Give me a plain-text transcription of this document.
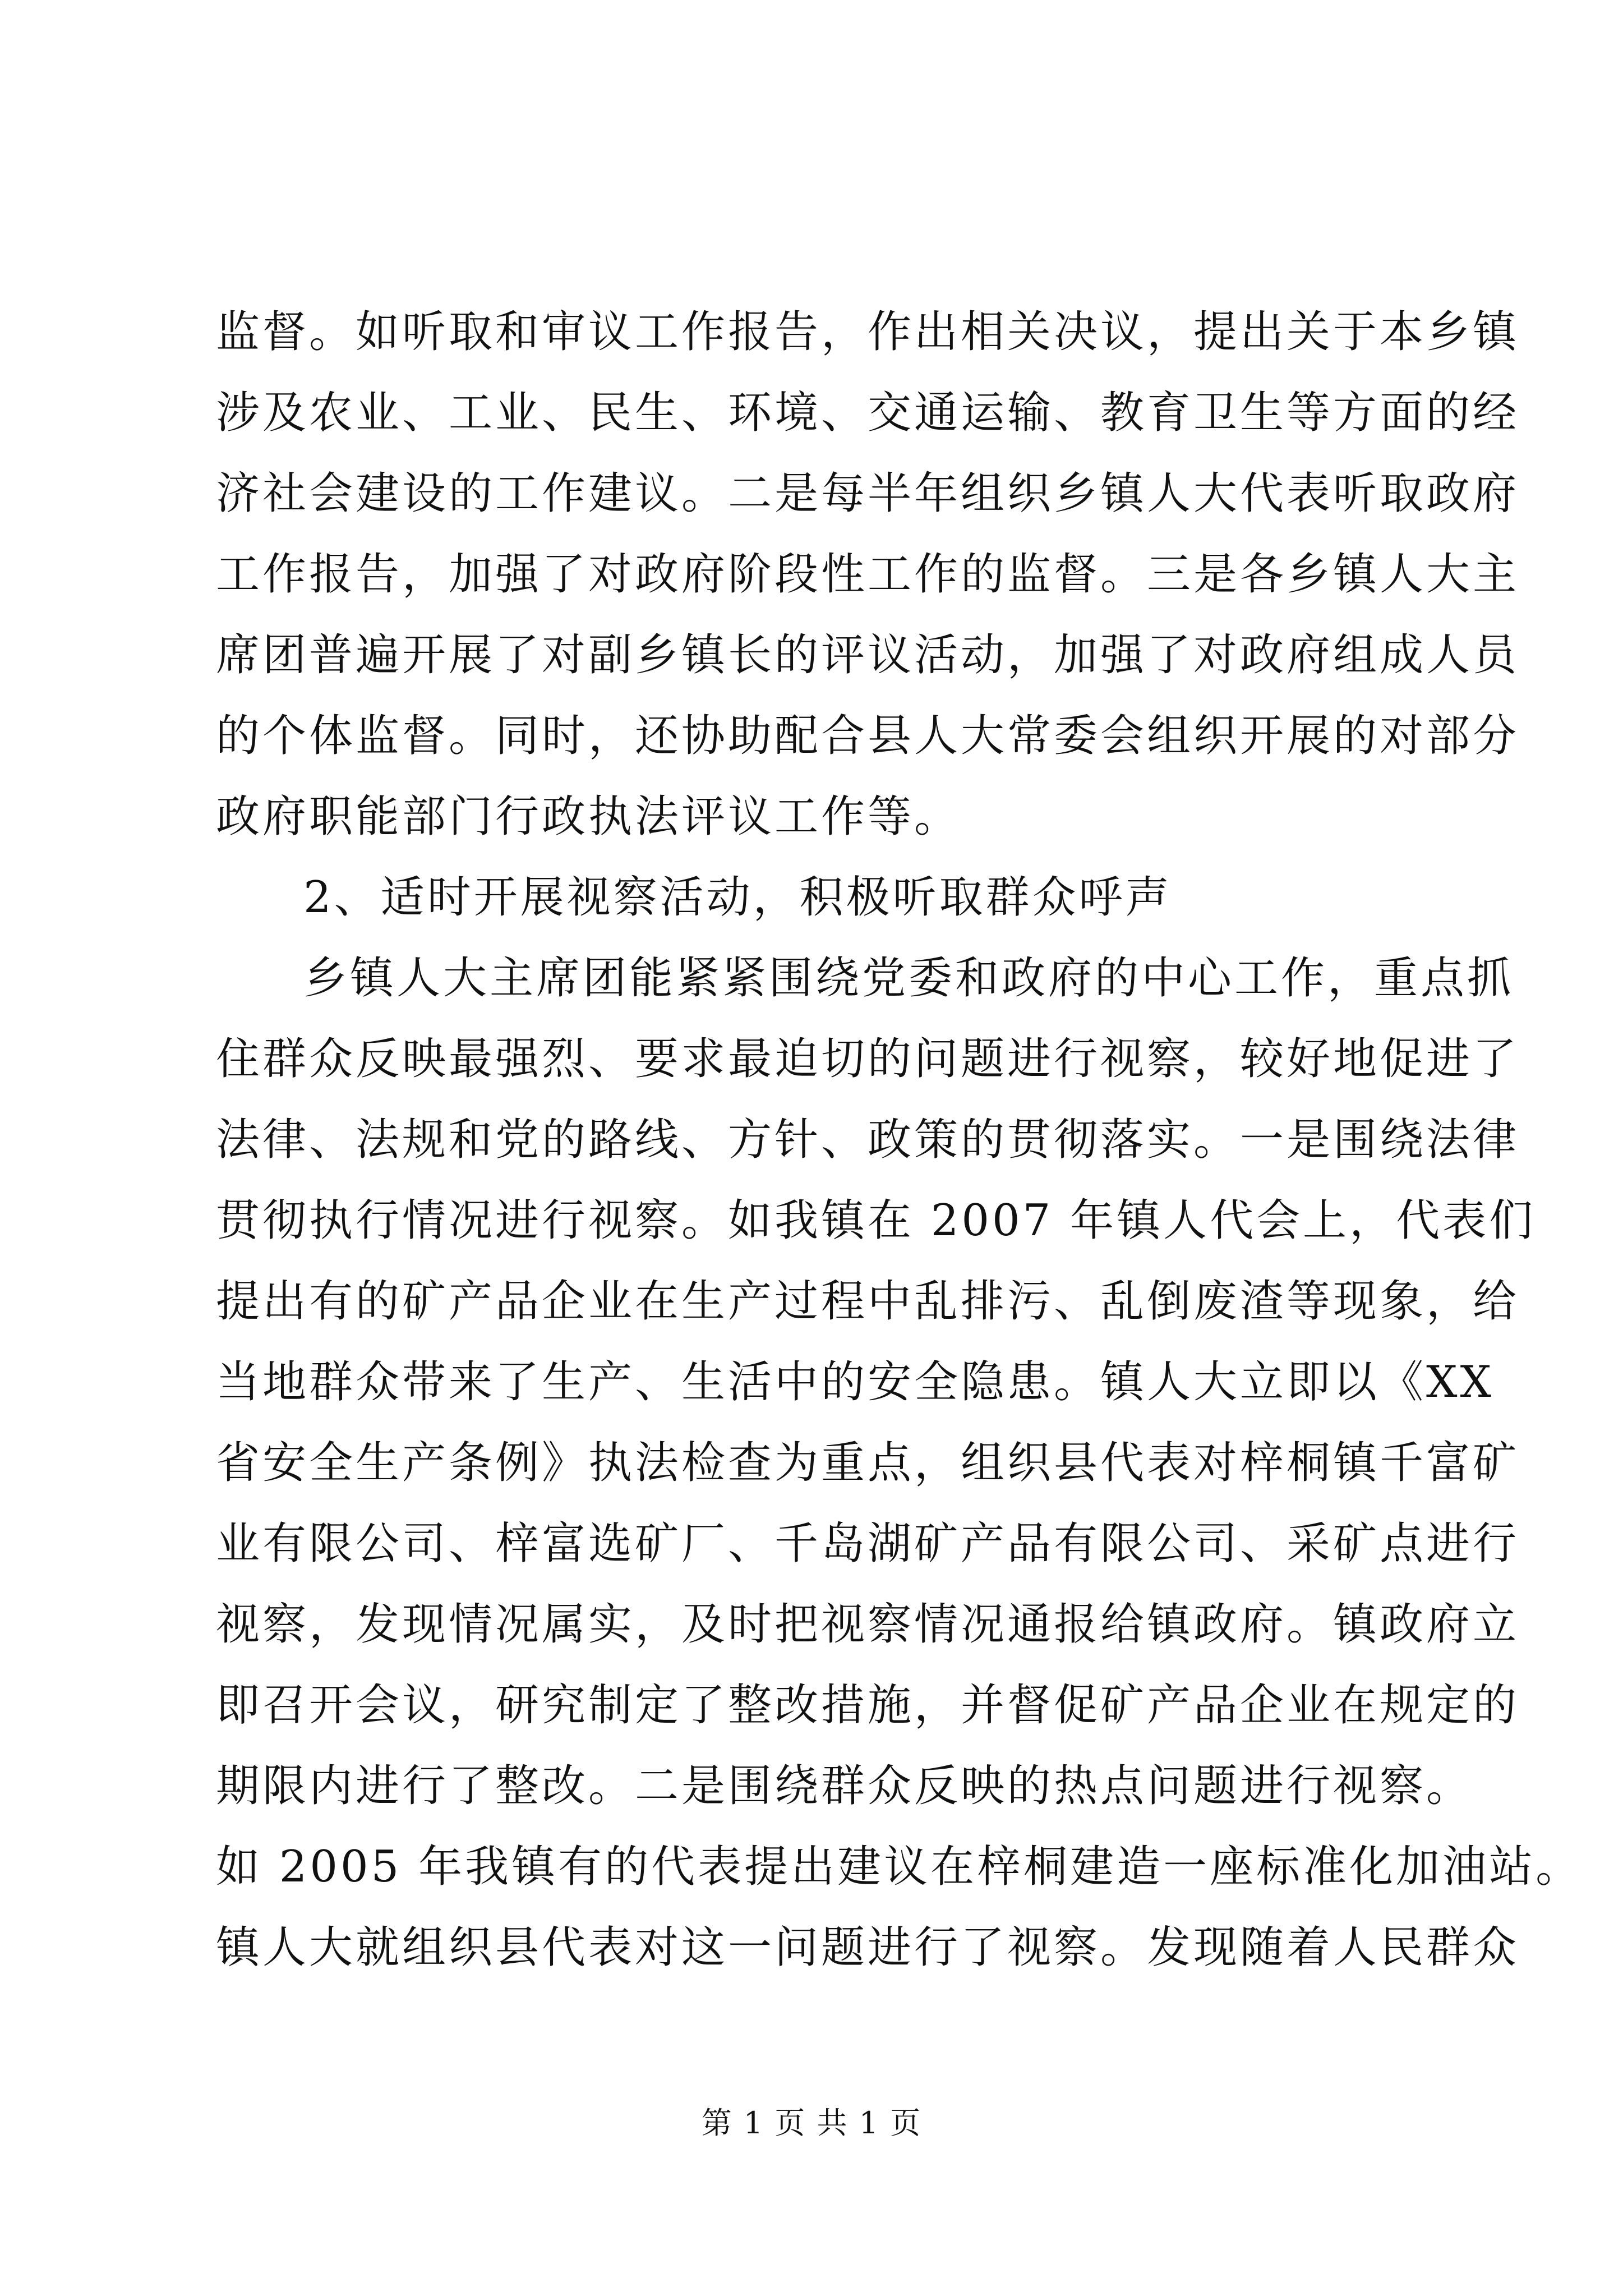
监督。如听取和审议工作报告，作出相关决议，提出关于本乡镇
涉及农业、工业、民生、环境、交通运输、教育卫生等方面的经
济社会建设的工作建议。二是每半年组织乡镇人大代表听取政府
工作报告，加强了对政府阶段性工作的监督。三是各乡镇人大主
席团普遍开展了对副乡镇长的评议活动，加强了对政府组成人员
的个体监督。同时，还协助配合县人大常委会组织开展的对部分
政府职能部门行政执法评议工作等。
2、适时开展视察活动，积极听取群众呼声
乡镇人大主席团能紧紧围绕党委和政府的中心工作，重点抓
住群众反映最强烈、要求最迫切的问题进行视察，较好地促进了
法律、法规和党的路线、方针、政策的贯彻落实。一是围绕法律
贯彻执行情况进行视察。如我镇在 2007 年镇人代会上，代表们
提出有的矿产品企业在生产过程中乱排污、乱倒废渣等现象，给
当地群众带来了生产、生活中的安全隐患。镇人大立即以《XX
省安全生产条例》执法检查为重点，组织县代表对梓桐镇千富矿
业有限公司、梓富选矿厂、千岛湖矿产品有限公司、采矿点进行
视察，发现情况属实，及时把视察情况通报给镇政府。镇政府立
即召开会议，研究制定了整改措施，并督促矿产品企业在规定的
期限内进行了整改。二是围绕群众反映的热点问题进行视察。
如 2005 年我镇有的代表提出建议在梓桐建造一座标准化加油站。
镇人大就组织县代表对这一问题进行了视察。发现随着人民群众
第 1 页 共 1 页
